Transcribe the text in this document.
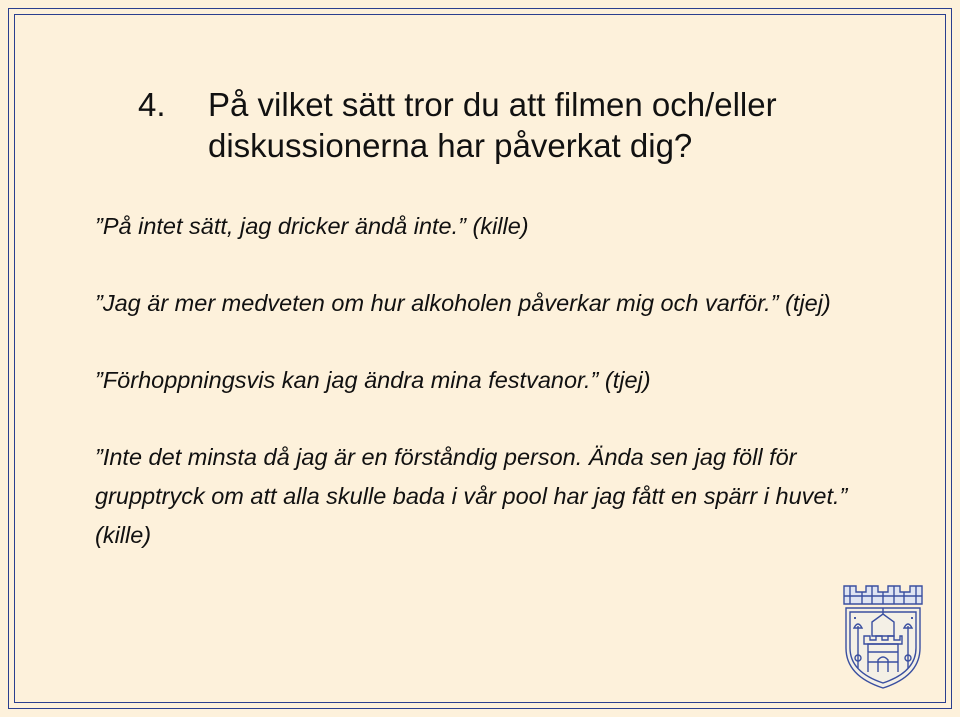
4. På vilket sätt tror du att filmen och/eller
diskussionerna har påverkat dig?

”På intet sätt, jag dricker ändå inte.” (kille)

”Jag är mer medveten om hur alkoholen påverkar mig och varför.” (tjej)

”Förhoppningsvis kan jag ändra mina festvanor.” (tjej)

”Inte det minsta då jag är en förståndig person. Ända sen jag föll för grupptryck om att alla skulle bada i vår pool har jag fått en spärr i huvet.” (kille)
